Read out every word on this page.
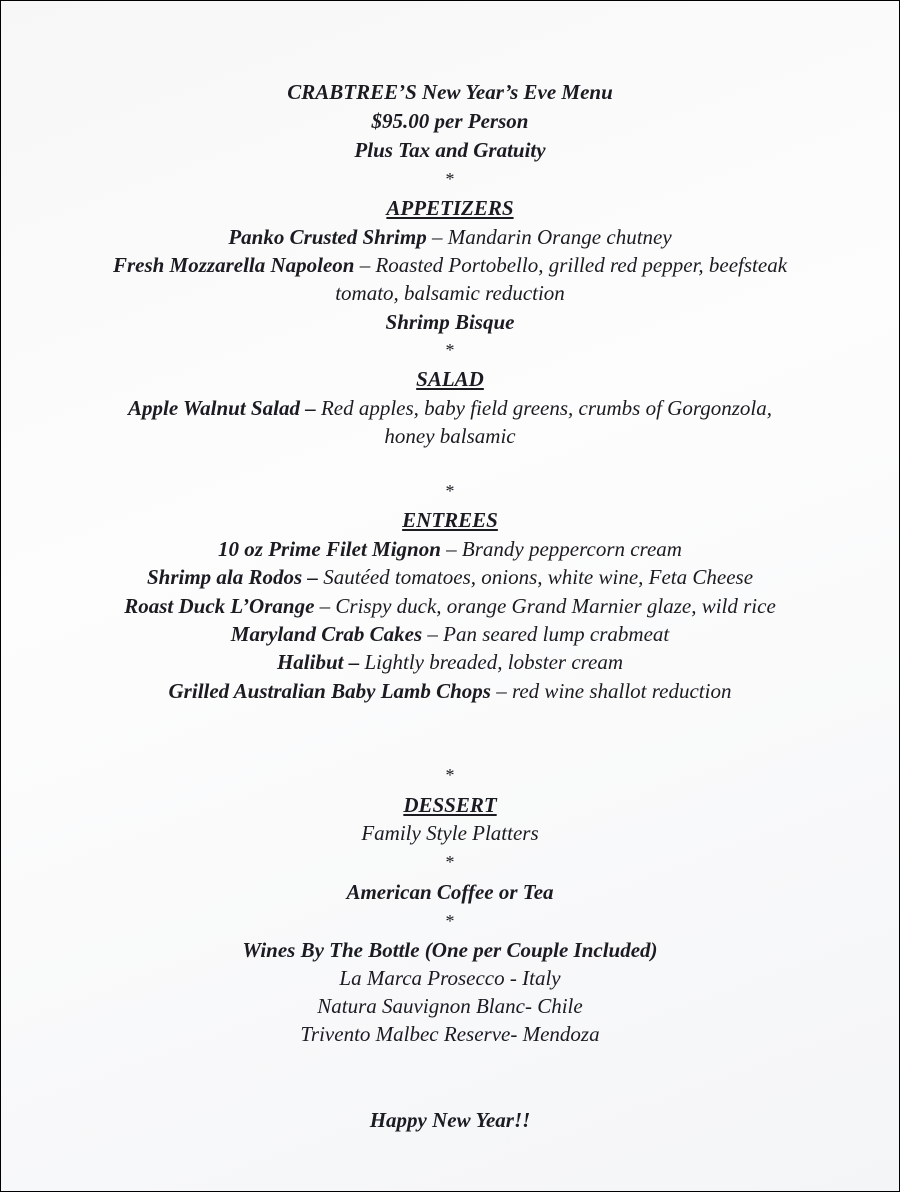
CRABTREE’S New Year’s Eve Menu
$95.00 per Person
Plus Tax and Gratuity
*
APPETIZERS
Panko Crusted Shrimp – Mandarin Orange chutney
Fresh Mozzarella Napoleon – Roasted Portobello, grilled red pepper, beefsteak
tomato, balsamic reduction
Shrimp Bisque
*
SALAD
Apple Walnut Salad – Red apples, baby field greens, crumbs of Gorgonzola,
honey balsamic
*
ENTREES
10 oz Prime Filet Mignon – Brandy peppercorn cream
Shrimp ala Rodos – Sautéed tomatoes, onions, white wine, Feta Cheese
Roast Duck L’Orange – Crispy duck, orange Grand Marnier glaze, wild rice
Maryland Crab Cakes – Pan seared lump crabmeat
Halibut – Lightly breaded, lobster cream
Grilled Australian Baby Lamb Chops – red wine shallot reduction
*
DESSERT
Family Style Platters
*
American Coffee or Tea
*
Wines By The Bottle (One per Couple Included)
La Marca Prosecco - Italy
Natura Sauvignon Blanc- Chile
Trivento Malbec Reserve- Mendoza
Happy New Year!!
